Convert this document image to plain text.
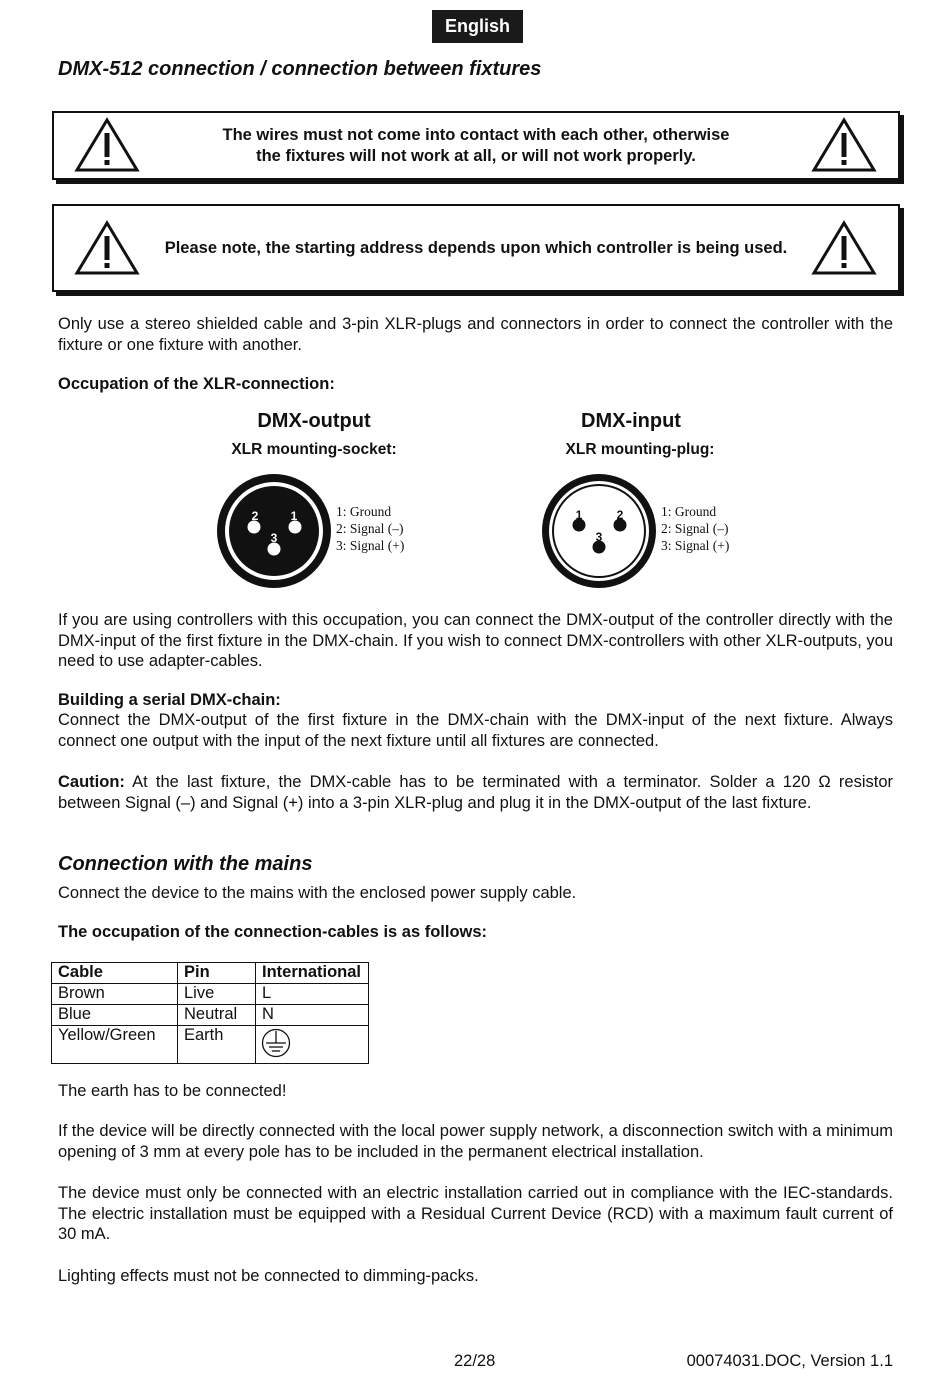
English
DMX-512 connection / connection between fixtures
The wires must not come into contact with each other, otherwise
the fixtures will not work at all, or will not work properly.
Please note, the starting address depends upon which controller is being used.
Only use a stereo shielded cable and 3-pin XLR-plugs and connectors in order to connect the controller with the fixture or one fixture with another.
Occupation of the XLR-connection:
DMX-output
XLR mounting-socket:
2	1
3
1: Ground
2: Signal (–)
3: Signal (+)
DMX-input
XLR mounting-plug:
1	2
3
1: Ground
2: Signal (–)
3: Signal (+)
If you are using controllers with this occupation, you can connect the DMX-output of the controller directly with the DMX-input of the first fixture in the DMX-chain. If you wish to connect DMX-controllers with other XLR-outputs, you need to use adapter-cables.
Building a serial DMX-chain:
Connect the DMX-output of the first fixture in the DMX-chain with the DMX-input of the next fixture. Always connect one output with the input of the next fixture until all fixtures are connected.
Caution: At the last fixture, the DMX-cable has to be terminated with a terminator. Solder a 120 Ω resistor between Signal (–) and Signal (+) into a 3-pin XLR-plug and plug it in the DMX-output of the last fixture.
Connection with the mains
Connect the device to the mains with the enclosed power supply cable.
The occupation of the connection-cables is as follows:
Cable	Pin	International
Brown	Live	L
Blue	Neutral	N
Yellow/Green	Earth	
The earth has to be connected!
If the device will be directly connected with the local power supply network, a disconnection switch with a minimum opening of 3 mm at every pole has to be included in the permanent electrical installation.
The device must only be connected with an electric installation carried out in compliance with the IEC-standards. The electric installation must be equipped with a Residual Current Device (RCD) with a maximum fault current of 30 mA.
Lighting effects must not be connected to dimming-packs.
22/28	00074031.DOC, Version 1.1
